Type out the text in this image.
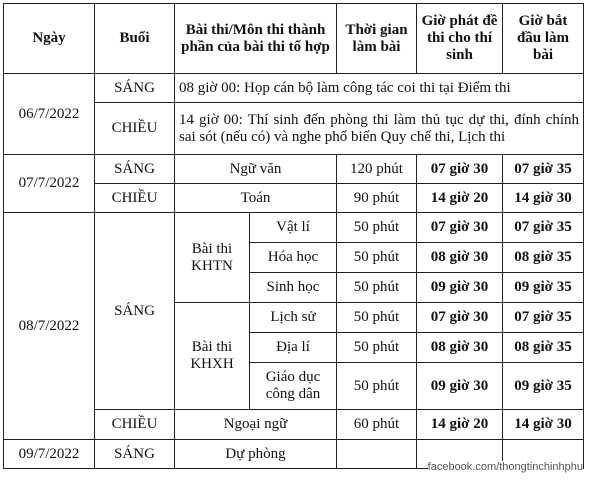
Ngày	Buổi	Bài thi/Môn thi thành phần của bài thi tổ hợp		Thời gian làm bài	Giờ phát đề thi cho thí sinh	Giờ bắt đầu làm bài
06/7/2022	SÁNG	08 giờ 00: Họp cán bộ làm công tác coi thi tại Điểm thi				
	CHIỀU	14 giờ 00: Thí sinh đến phòng thi làm thủ tục dự thi, đính chính sai sót (nếu có) và nghe phổ biến Quy chế thi, Lịch thi				
07/7/2022	SÁNG	Ngữ văn		120 phút	07 giờ 30	07 giờ 35
	CHIỀU	Toán		90 phút	14 giờ 20	14 giờ 30
08/7/2022	SÁNG	Bài thi KHTN	Vật lí	50 phút	07 giờ 30	07 giờ 35
			Hóa học	50 phút	08 giờ 30	08 giờ 35
			Sinh học	50 phút	09 giờ 30	09 giờ 35
		Bài thi KHXH	Lịch sử	50 phút	07 giờ 30	07 giờ 35
			Địa lí	50 phút	08 giờ 30	08 giờ 35
			Giáo dục công dân	50 phút	09 giờ 30	09 giờ 35
	CHIỀU	Ngoại ngữ		60 phút	14 giờ 20	14 giờ 30
09/7/2022	SÁNG	Dự phòng				
facebook.com/thongtinchinhphu
